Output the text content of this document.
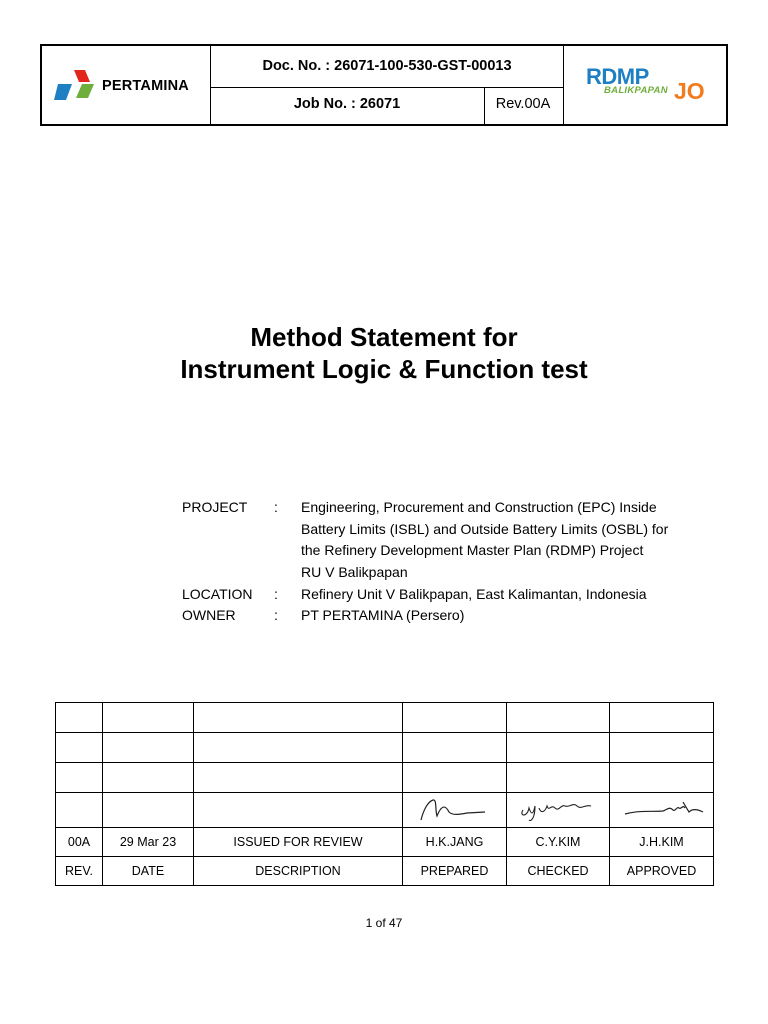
PERTAMINA
Doc. No. : 26071-100-530-GST-00013
Job No. : 26071	Rev.00A
RDMP
BALIKPAPAN JO
Method Statement for
Instrument Logic & Function test
PROJECT : Engineering, Procurement and Construction (EPC) Inside
Battery Limits (ISBL) and Outside Battery Limits (OSBL) for
the Refinery Development Master Plan (RDMP) Project
RU V Balikpapan
LOCATION : Refinery Unit V Balikpapan, East Kalimantan, Indonesia
OWNER	: PT PERTAMINA (Persero)

00A	29 Mar 23	ISSUED FOR REVIEW	H.K.JANG	C.Y.KIM	J.H.KIM
REV.	DATE	DESCRIPTION	PREPARED	CHECKED	APPROVED
1 of 47
